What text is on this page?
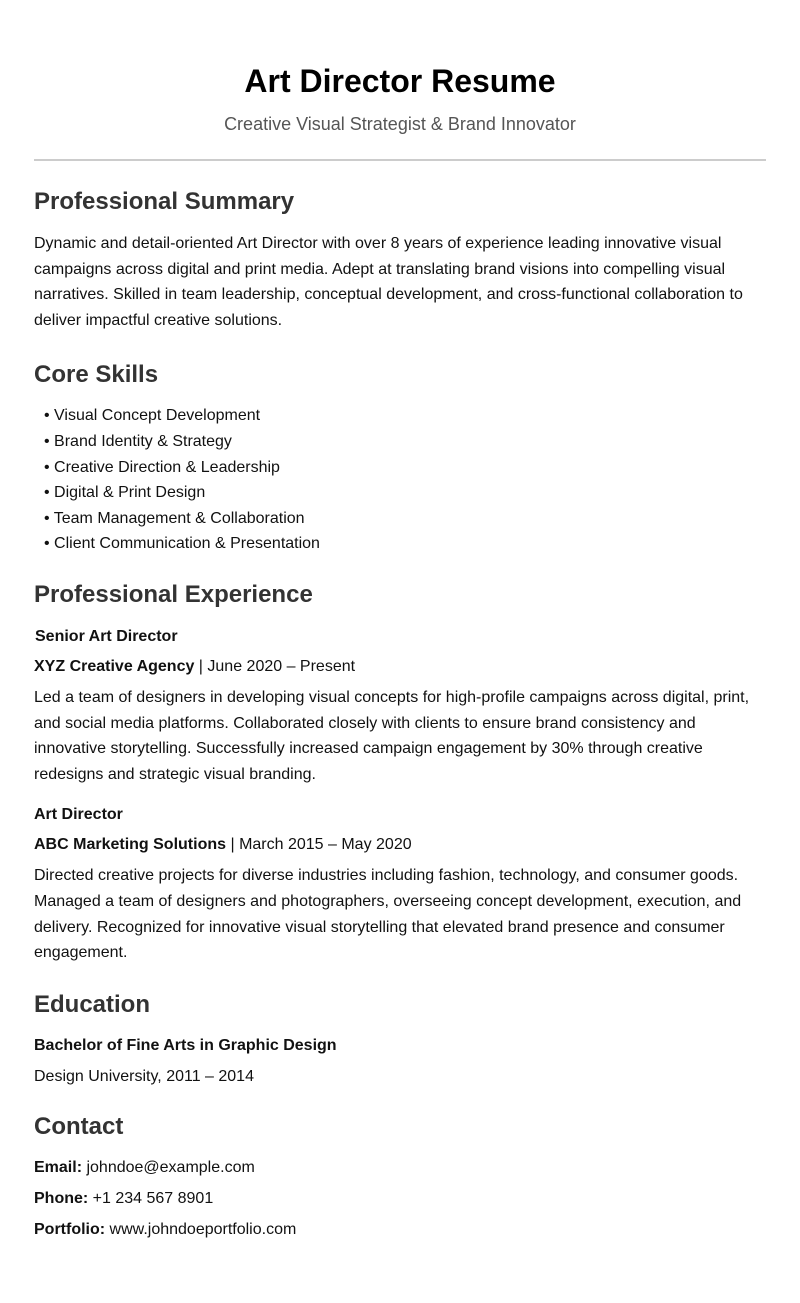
Art Director Resume
Creative Visual Strategist & Brand Innovator
Professional Summary

Dynamic and detail-oriented Art Director with over 8 years of experience leading innovative visual campaigns across digital and print media. Adept at translating brand visions into compelling visual narratives. Skilled in team leadership, conceptual development, and cross-functional collaboration to deliver impactful creative solutions.

Core Skills
• Visual Concept Development
• Brand Identity & Strategy
• Creative Direction & Leadership
• Digital & Print Design
• Team Management & Collaboration
• Client Communication & Presentation
Professional Experience
Senior Art Director
XYZ Creative Agency | June 2020 – Present

Led a team of designers in developing visual concepts for high-profile campaigns across digital, print, and social media platforms. Collaborated closely with clients to ensure brand consistency and innovative storytelling. Successfully increased campaign engagement by 30% through creative redesigns and strategic visual branding.

Art Director
ABC Marketing Solutions | March 2015 – May 2020

Directed creative projects for diverse industries including fashion, technology, and consumer goods. Managed a team of designers and photographers, overseeing concept development, execution, and delivery. Recognized for innovative visual storytelling that elevated brand presence and consumer engagement.

Education
Bachelor of Fine Arts in Graphic Design
Design University, 2011 – 2014
Contact
Email: johndoe@example.com
Phone: +1 234 567 8901
Portfolio: www.johndoeportfolio.com
